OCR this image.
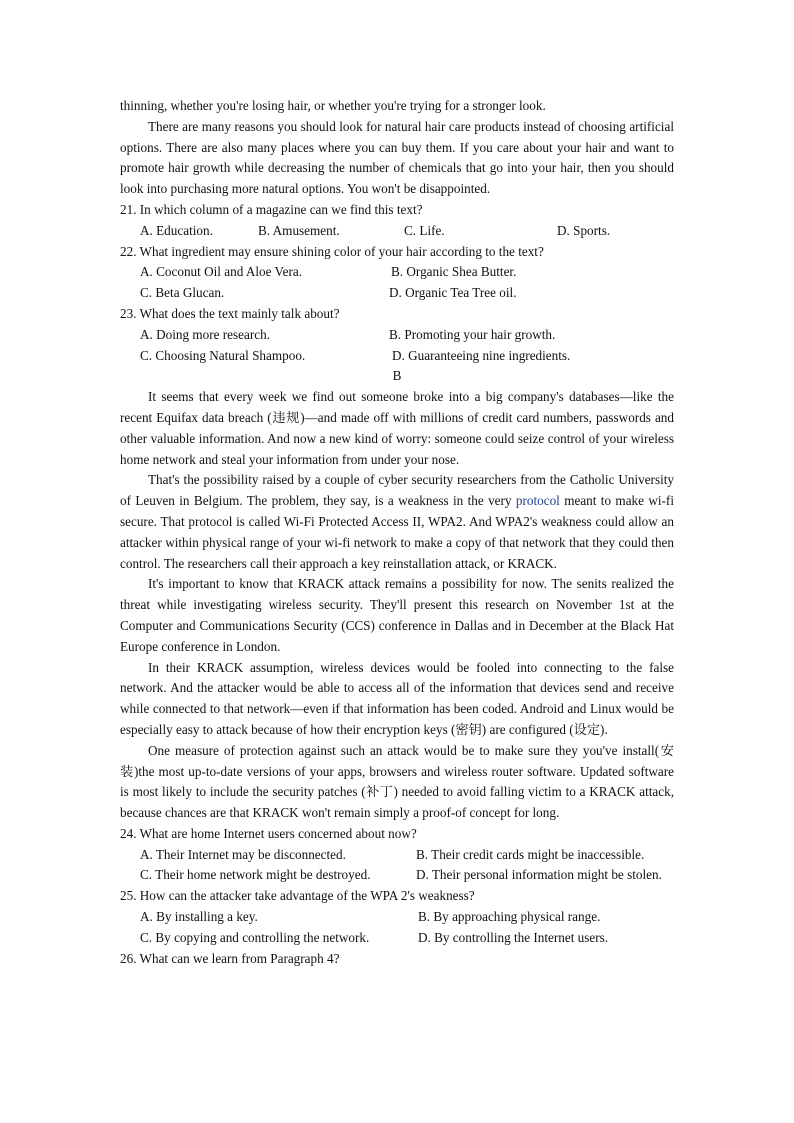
thinning, whether you're losing hair, or whether you're trying for a stronger look.

There are many reasons you should look for natural hair care products instead of choosing artificial options. There are also many places where you can buy them. If you care about your hair and want to promote hair growth while decreasing the number of chemicals that go into your hair, then you should look into purchasing more natural options. You won't be disappointed.

21. In which column of a magazine can we find this text?

A. Education.	B. Amusement.	C. Life.	D. Sports.

22. What ingredient may ensure shining color of your hair according to the text?

A. Coconut Oil and Aloe Vera.	B. Organic Shea Butter.
C. Beta Glucan.	D. Organic Tea Tree oil.

23. What does the text mainly talk about?

A. Doing more research.	B. Promoting your hair growth.
C. Choosing Natural Shampoo.	D. Guaranteeing nine ingredients.

B

It seems that every week we find out someone broke into a big company's databases—like the recent Equifax data breach (违规)—and made off with millions of credit card numbers, passwords and other valuable information. And now a new kind of worry: someone could seize control of your wireless home network and steal your information from under your nose.

That's the possibility raised by a couple of cyber security researchers from the Catholic University of Leuven in Belgium. The problem, they say, is a weakness in the very protocol meant to make wi-fi secure. That protocol is called Wi-Fi Protected Access II, WPA2. And WPA2's weakness could allow an attacker within physical range of your wi-fi network to make a copy of that network that they could then control. The researchers call their approach a key reinstallation attack, or KRACK.

It's important to know that KRACK attack remains a possibility for now. The senits realized the threat while investigating wireless security. They'll present this research on November 1st at the Computer and Communications Security (CCS) conference in Dallas and in December at the Black Hat Europe conference in London.

In their KRACK assumption, wireless devices would be fooled into connecting to the false network. And the attacker would be able to access all of the information that devices send and receive while connected to that network—even if that information has been coded. Android and Linux would be especially easy to attack because of how their encryption keys (密钥) are configured (设定).

One measure of protection against such an attack would be to make sure they you've install(安装)the most up-to-date versions of your apps, browsers and wireless router software. Updated software is most likely to include the security patches (补丁) needed to avoid falling victim to a KRACK attack, because chances are that KRACK won't remain simply a proof-of concept for long.

24. What are home Internet users concerned about now?

A. Their Internet may be disconnected.	B. Their credit cards might be inaccessible.
C. Their home network might be destroyed.	D. Their personal information might be stolen.

25. How can the attacker take advantage of the WPA 2's weakness?

A. By installing a key.	B. By approaching physical range.
C. By copying and controlling the network.	D. By controlling the Internet users.

26. What can we learn from Paragraph 4?
